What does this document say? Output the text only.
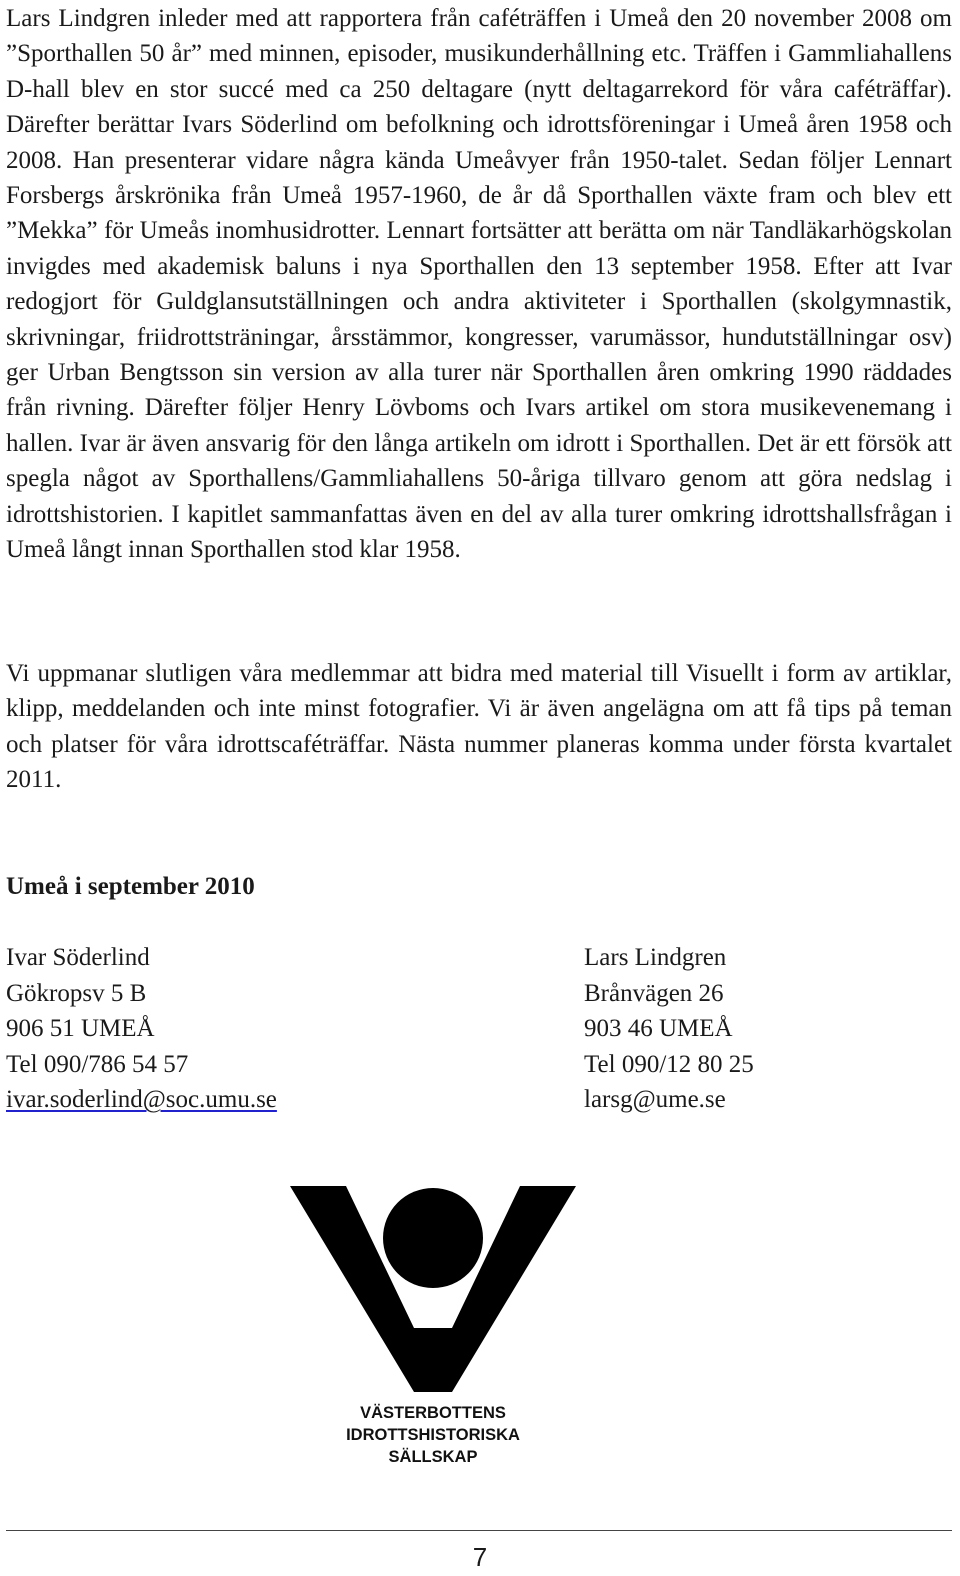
Lars Lindgren inleder med att rapportera från caféträffen i Umeå den 20 november 2008 om ”Sporthallen 50 år” med minnen, episoder, musikunderhållning etc. Träffen i Gammliahallens D-hall blev en stor succé med ca 250 deltagare (nytt deltagarrekord för våra caféträffar). Därefter berättar Ivars Söderlind om befolkning och idrottsföreningar i Umeå åren 1958 och 2008. Han presenterar vidare några kända Umeåvyer från 1950-talet. Sedan följer Lennart Forsbergs årskrönika från Umeå 1957-1960, de år då Sporthallen växte fram och blev ett ”Mekka” för Umeås inomhusidrotter. Lennart fortsätter att berätta om när Tandläkarhögskolan invigdes med akademisk baluns i nya Sporthallen den 13 september 1958. Efter att Ivar redogjort för Guldglansutställningen och andra aktiviteter i Sporthallen (skolgymnastik, skrivningar, friidrottsträningar, årsstämmor, kongresser, varumässor, hundutställningar osv) ger Urban Bengtsson sin version av alla turer när Sporthallen åren omkring 1990 räddades från rivning. Därefter följer Henry Lövboms och Ivars artikel om stora musikevenemang i hallen. Ivar är även ansvarig för den långa artikeln om idrott i Sporthallen. Det är ett försök att spegla något av Sporthallens/Gammliahallens 50-åriga tillvaro genom att göra nedslag i idrottshistorien. I kapitlet sammanfattas även en del av alla turer omkring idrottshallsfrågan i Umeå långt innan Sporthallen stod klar 1958.

Vi uppmanar slutligen våra medlemmar att bidra med material till Visuellt i form av artiklar, klipp, meddelanden och inte minst fotografier. Vi är även angelägna om att få tips på teman och platser för våra idrottscaféträffar. Nästa nummer planeras komma under första kvartalet 2011.

Umeå i september 2010

Ivar Söderlind
Gökropsv 5 B
906 51 UMEÅ
Tel 090/786 54 57
ivar.soderlind@soc.umu.se
Lars Lindgren
Brånvägen 26
903 46 UMEÅ
Tel 090/12 80 25
larsg@ume.se
VÄSTERBOTTENS
IDROTTSHISTORISKA
SÄLLSKAP
7
